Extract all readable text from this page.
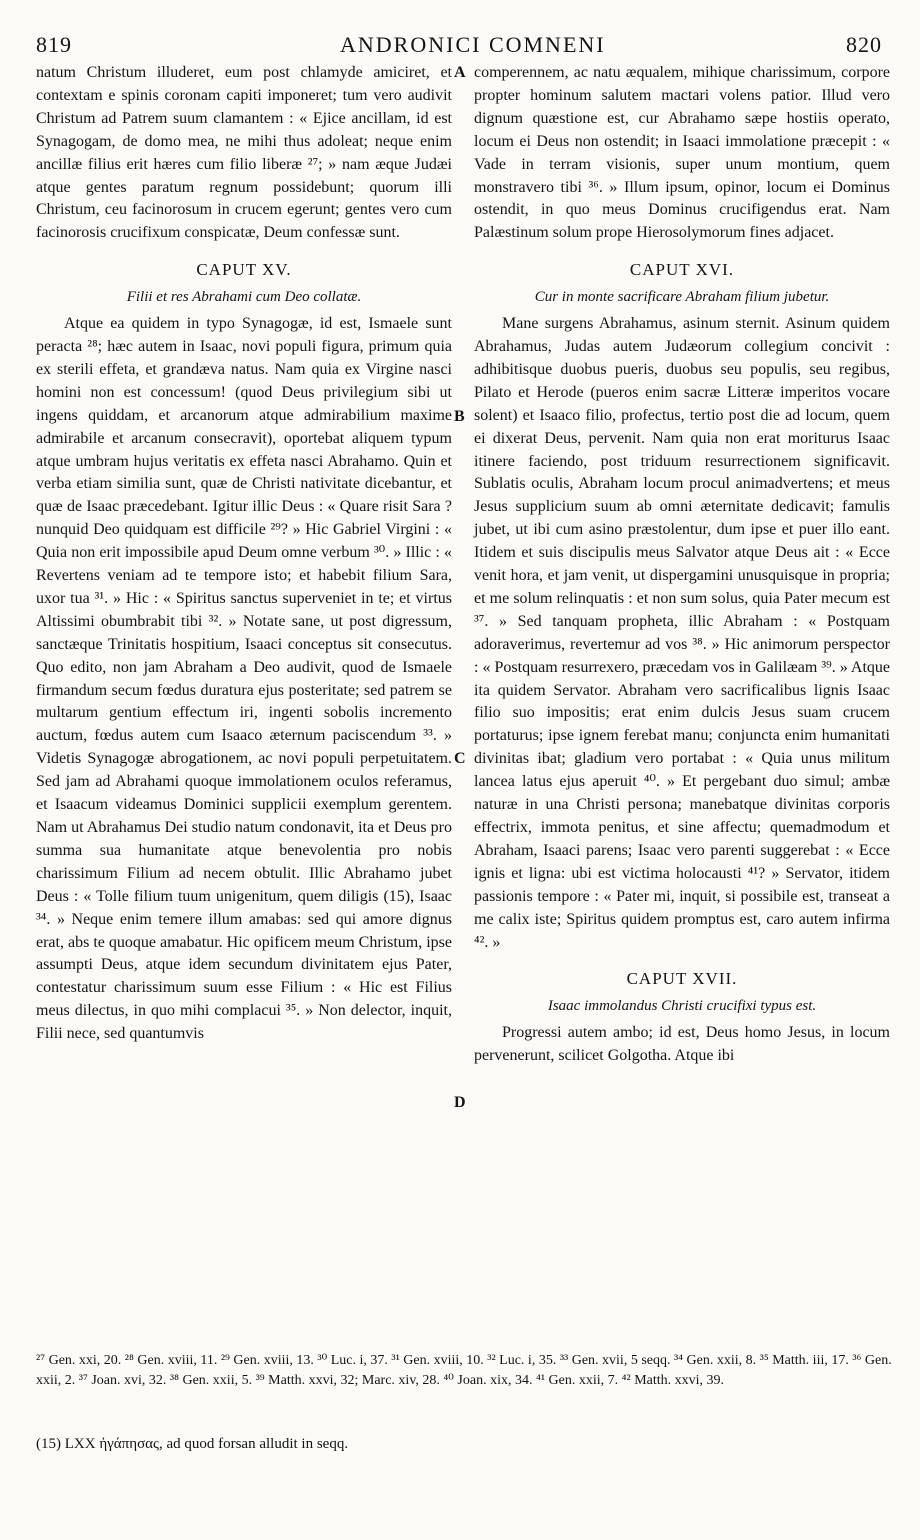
819	ANDRONICI COMNENI	820

natum Christum illuderet, eum post chlamyde amiciret, et contextam e spinis coronam capiti imponeret; tum vero audivit Christum ad Patrem suum clamantem : « Ejice ancillam, id est Synagogam, de domo mea, ne mihi thus adoleat; neque enim ancillæ filius erit hæres cum filio liberæ ²⁷; » nam æque Judæi atque gentes paratum regnum possidebunt; quorum illi Christum, ceu facinorosum in crucem egerunt; gentes vero cum facinorosis crucifixum conspicatæ, Deum confessæ sunt.

CAPUT XV.
Filii et res Abrahami cum Deo collatæ.

Atque ea quidem in typo Synagogæ, id est, Ismaele sunt peracta ²⁸; hæc autem in Isaac, novi populi figura, primum quia ex sterili effeta, et grandæva natus. Nam quia ex Virgine nasci homini non est concessum! (quod Deus privilegium sibi ut ingens quiddam, et arcanorum atque admirabilium maxime admirabile et arcanum consecravit), oportebat aliquem typum atque umbram hujus veritatis ex effeta nasci Abrahamo. Quin et verba etiam similia sunt, quæ de Christi nativitate dicebantur, et quæ de Isaac præcedebant. Igitur illic Deus : « Quare risit Sara ? nunquid Deo quidquam est difficile ²⁹? » Hic Gabriel Virgini : « Quia non erit impossibile apud Deum omne verbum ³⁰. » Illic : « Revertens veniam ad te tempore isto; et habebit filium Sara, uxor tua ³¹. » Hic : « Spiritus sanctus superveniet in te; et virtus Altissimi obumbrabit tibi ³². » Notate sane, ut post digressum, sanctæque Trinitatis hospitium, Isaaci conceptus sit consecutus. Quo edito, non jam Abraham a Deo audivit, quod de Ismaele firmandum secum fœdus duratura ejus posteritate; sed patrem se multarum gentium effectum iri, ingenti sobolis incremento auctum, fœdus autem cum Isaaco æternum paciscendum ³³. » Videtis Synagogæ abrogationem, ac novi populi perpetuitatem. Sed jam ad Abrahami quoque immolationem oculos referamus, et Isaacum videamus Dominici supplicii exemplum gerentem. Nam ut Abrahamus Dei studio natum condonavit, ita et Deus pro summa sua humanitate atque benevolentia pro nobis charissimum Filium ad necem obtulit. Illic Abrahamo jubet Deus : « Tolle filium tuum unigenitum, quem diligis (15), Isaac ³⁴. » Neque enim temere illum amabas: sed qui amore dignus erat, abs te quoque amabatur. Hic opificem meum Christum, ipse assumpti Deus, atque idem secundum divinitatem ejus Pater, contestatur charissimum suum esse Filium : « Hic est Filius meus dilectus, in quo mihi complacui ³⁵. » Non delector, inquit, Filii nece, sed quantumvis

comperennem, ac natu æqualem, mihique charissimum, corpore propter hominum salutem mactari volens patior. Illud vero dignum quæstione est, cur Abrahamo sæpe hostiis operato, locum ei Deus non ostendit; in Isaaci immolatione præcepit : « Vade in terram visionis, super unum montium, quem monstravero tibi ³⁶. » Illum ipsum, opinor, locum ei Dominus ostendit, in quo meus Dominus crucifigendus erat. Nam Palæstinum solum prope Hierosolymorum fines adjacet.

CAPUT XVI.
Cur in monte sacrificare Abraham filium jubetur.

Mane surgens Abrahamus, asinum sternit. Asinum quidem Abrahamus, Judas autem Judæorum collegium concivit : adhibitisque duobus pueris, duobus seu populis, seu regibus, Pilato et Herode (pueros enim sacræ Litteræ imperitos vocare solent) et Isaaco filio, profectus, tertio post die ad locum, quem ei dixerat Deus, pervenit. Nam quia non erat moriturus Isaac itinere faciendo, post triduum resurrectionem significavit. Sublatis oculis, Abraham locum procul animadvertens; et meus Jesus supplicium suum ab omni æternitate dedicavit; famulis jubet, ut ibi cum asino præstolentur, dum ipse et puer illo eant. Itidem et suis discipulis meus Salvator atque Deus ait : « Ecce venit hora, et jam venit, ut dispergamini unusquisque in propria; et me solum relinquatis : et non sum solus, quia Pater mecum est ³⁷. » Sed tanquam propheta, illic Abraham : « Postquam adoraverimus, revertemur ad vos ³⁸. » Hic animorum perspector : « Postquam resurrexero, præcedam vos in Galilæam ³⁹. » Atque ita quidem Servator. Abraham vero sacrificalibus lignis Isaac filio suo impositis; erat enim dulcis Jesus suam crucem portaturus; ipse ignem ferebat manu; conjuncta enim humanitati divinitas ibat; gladium vero portabat : « Quia unus militum lancea latus ejus aperuit ⁴⁰. » Et pergebant duo simul; ambæ naturæ in una Christi persona; manebatque divinitas corporis effectrix, immota penitus, et sine affectu; quemadmodum et Abraham, Isaaci parens; Isaac vero parenti suggerebat : « Ecce ignis et ligna: ubi est victima holocausti ⁴¹? » Servator, itidem passionis tempore : « Pater mi, inquit, si possibile est, transeat a me calix iste; Spiritus quidem promptus est, caro autem infirma ⁴². »

CAPUT XVII.
Isaac immolandus Christi crucifixi typus est.

Progressi autem ambo; id est, Deus homo Jesus, in locum pervenerunt, scilicet Golgotha. Atque ibi

A
B
C
D
²⁷ Gen. xxi, 20. ²⁸ Gen. xviii, 11. ²⁹ Gen. xviii, 13. ³⁰ Luc. i, 37. ³¹ Gen. xviii, 10. ³² Luc. i, 35. ³³ Gen. xvii, 5 seqq. ³⁴ Gen. xxii, 8. ³⁵ Matth. iii, 17. ³⁶ Gen. xxii, 2. ³⁷ Joan. xvi, 32. ³⁸ Gen. xxii, 5. ³⁹ Matth. xxvi, 32; Marc. xiv, 28. ⁴⁰ Joan. xix, 34. ⁴¹ Gen. xxii, 7. ⁴² Matth. xxvi, 39.
(15) LXX ἠγάπησας, ad quod forsan alludit in seqq.
